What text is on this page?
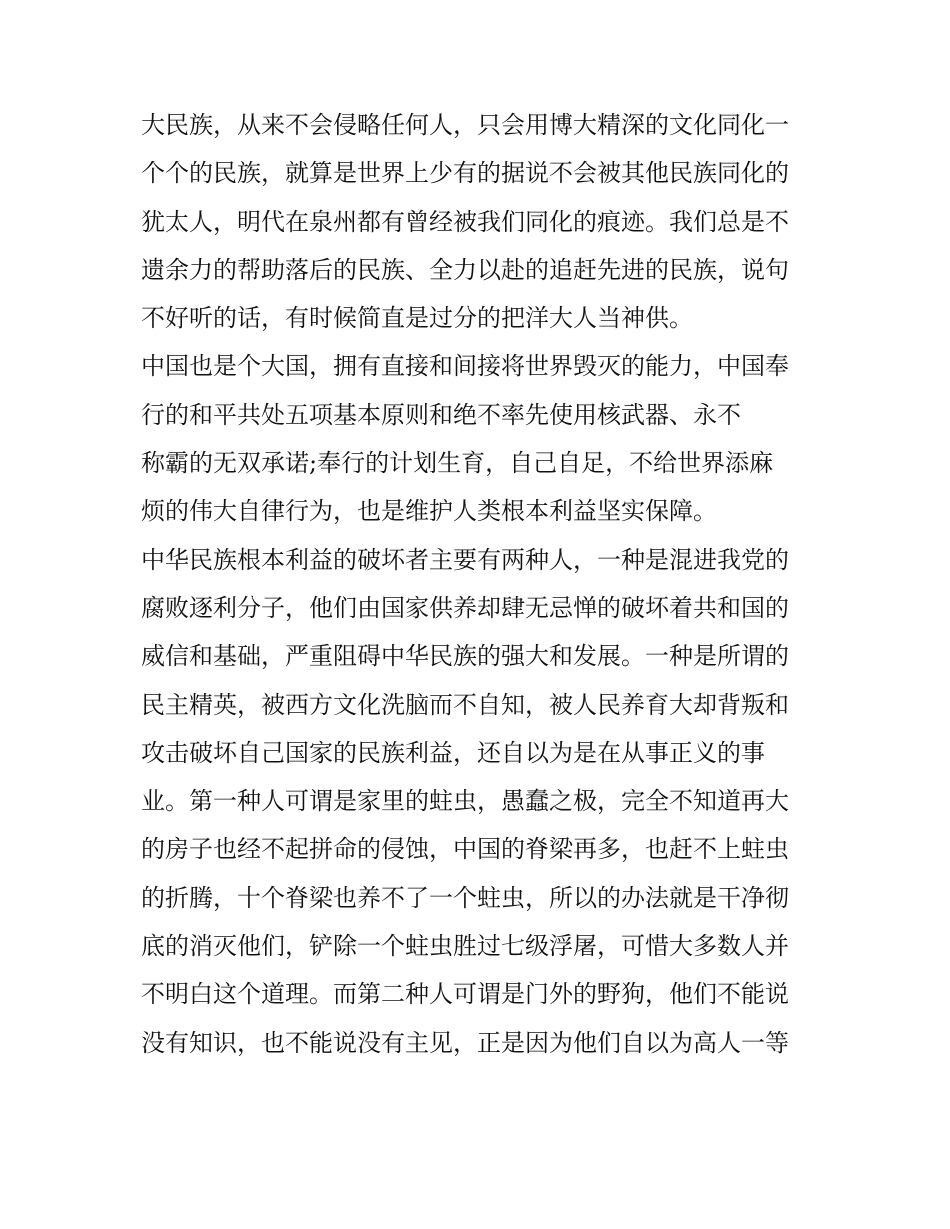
大民族，从来不会侵略任何人，只会用博大精深的文化同化一
个个的民族，就算是世界上少有的据说不会被其他民族同化的
犹太人，明代在泉州都有曾经被我们同化的痕迹。我们总是不
遗余力的帮助落后的民族、全力以赴的追赶先进的民族，说句
不好听的话，有时候简直是过分的把洋大人当神供。
中国也是个大国，拥有直接和间接将世界毁灭的能力，中国奉
行的和平共处五项基本原则和绝不率先使用核武器、永不
称霸的无双承诺;奉行的计划生育，自己自足，不给世界添麻
烦的伟大自律行为，也是维护人类根本利益坚实保障。
中华民族根本利益的破坏者主要有两种人，一种是混进我党的
腐败逐利分子，他们由国家供养却肆无忌惮的破坏着共和国的
威信和基础，严重阻碍中华民族的强大和发展。一种是所谓的
民主精英，被西方文化洗脑而不自知，被人民养育大却背叛和
攻击破坏自己国家的民族利益，还自以为是在从事正义的事
业。第一种人可谓是家里的蛀虫，愚蠢之极，完全不知道再大
的房子也经不起拼命的侵蚀，中国的脊梁再多，也赶不上蛀虫
的折腾，十个脊梁也养不了一个蛀虫，所以的办法就是干净彻
底的消灭他们，铲除一个蛀虫胜过七级浮屠，可惜大多数人并
不明白这个道理。而第二种人可谓是门外的野狗，他们不能说
没有知识，也不能说没有主见，正是因为他们自以为高人一等
